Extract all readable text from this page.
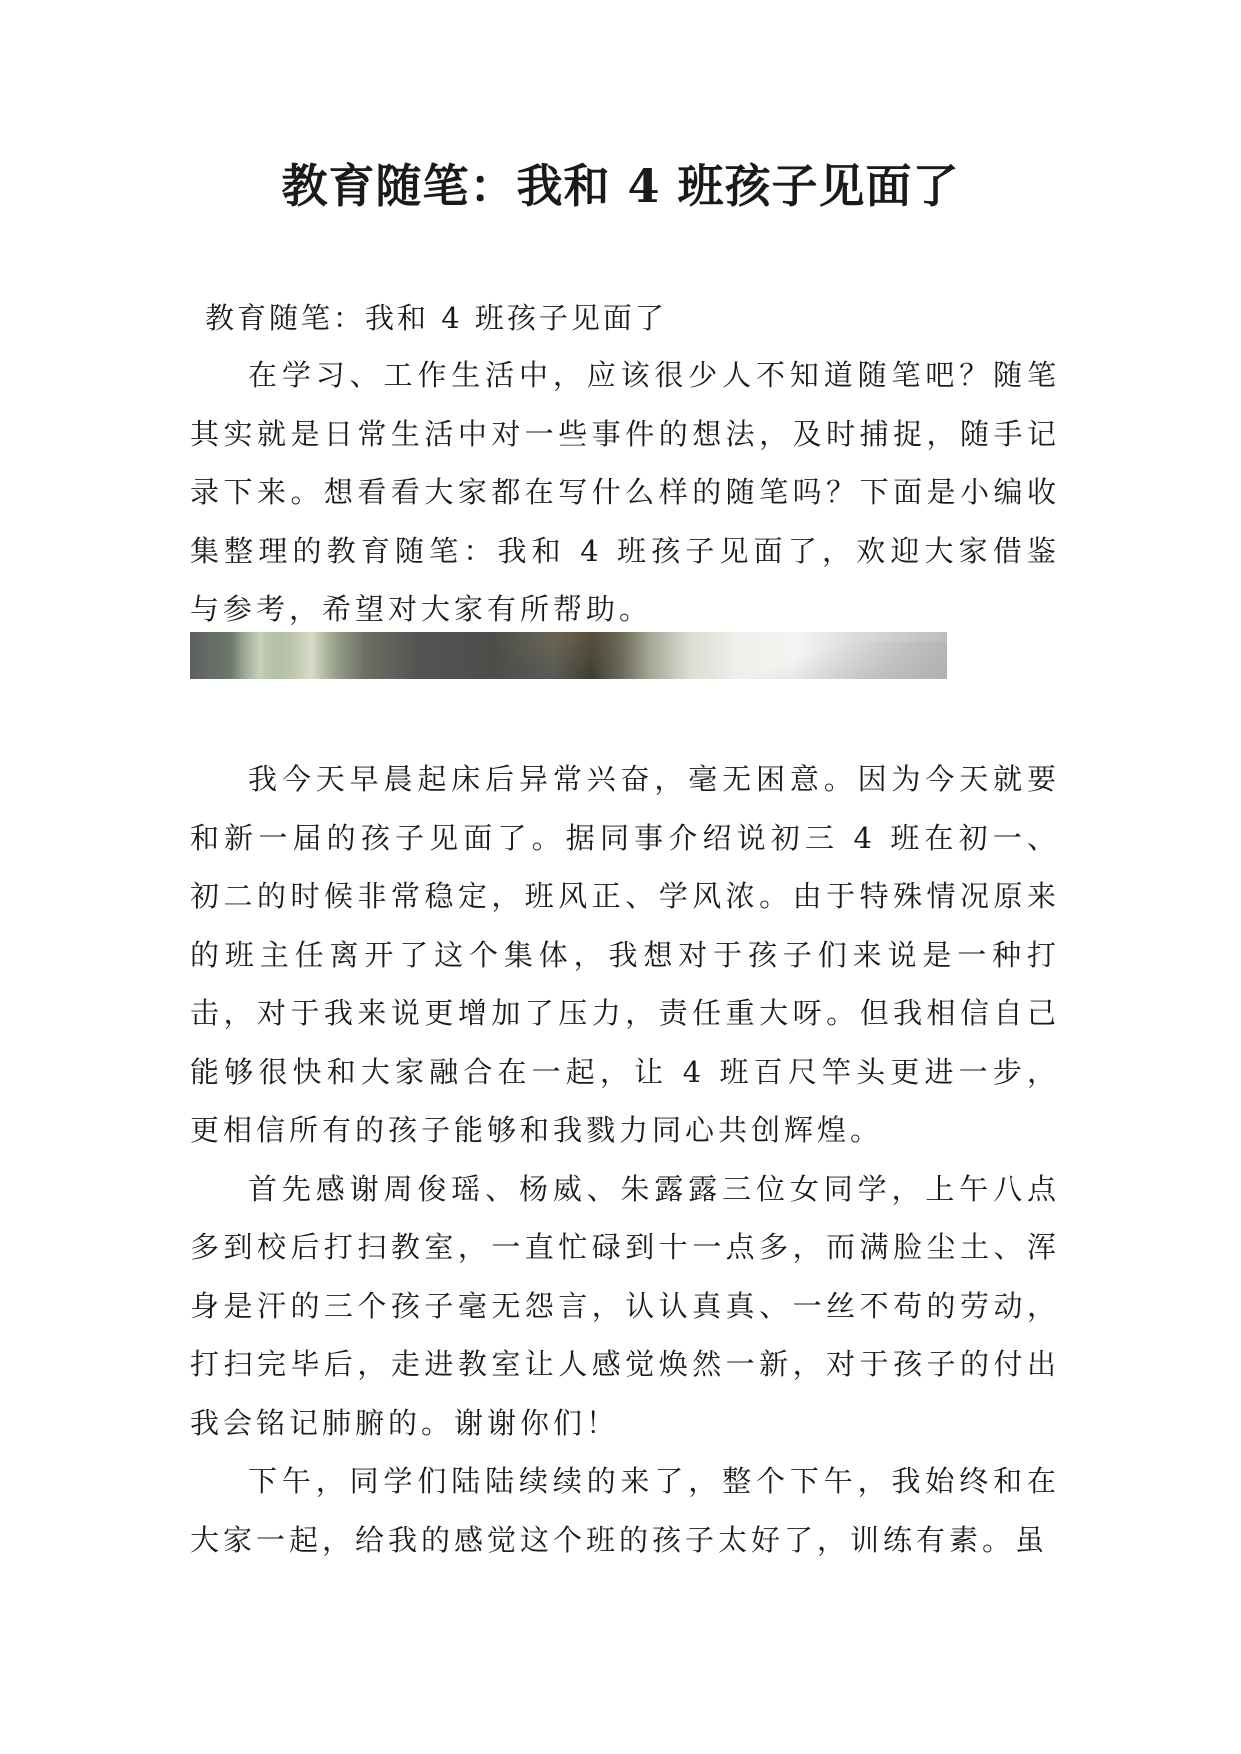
教育随笔：我和 4 班孩子见面了
教育随笔：我和 4 班孩子见面了

在学习、工作生活中，应该很少人不知道随笔吧？随笔其实就是日常生活中对一些事件的想法，及时捕捉，随手记录下来。想看看大家都在写什么样的随笔吗？下面是小编收集整理的教育随笔：我和 4 班孩子见面了，欢迎大家借鉴与参考，希望对大家有所帮助。

我今天早晨起床后异常兴奋，毫无困意。因为今天就要和新一届的孩子见面了。据同事介绍说初三 4 班在初一、初二的时候非常稳定，班风正、学风浓。由于特殊情况原来的班主任离开了这个集体，我想对于孩子们来说是一种打击，对于我来说更增加了压力，责任重大呀。但我相信自己能够很快和大家融合在一起，让 4 班百尺竿头更进一步，更相信所有的孩子能够和我戮力同心共创辉煌。

首先感谢周俊瑶、杨威、朱露露三位女同学，上午八点多到校后打扫教室，一直忙碌到十一点多，而满脸尘土、浑身是汗的三个孩子毫无怨言，认认真真、一丝不苟的劳动，打扫完毕后，走进教室让人感觉焕然一新，对于孩子的付出我会铭记肺腑的。谢谢你们！

下午，同学们陆陆续续的来了，整个下午，我始终和在大家一起，给我的感觉这个班的孩子太好了，训练有素。虽
